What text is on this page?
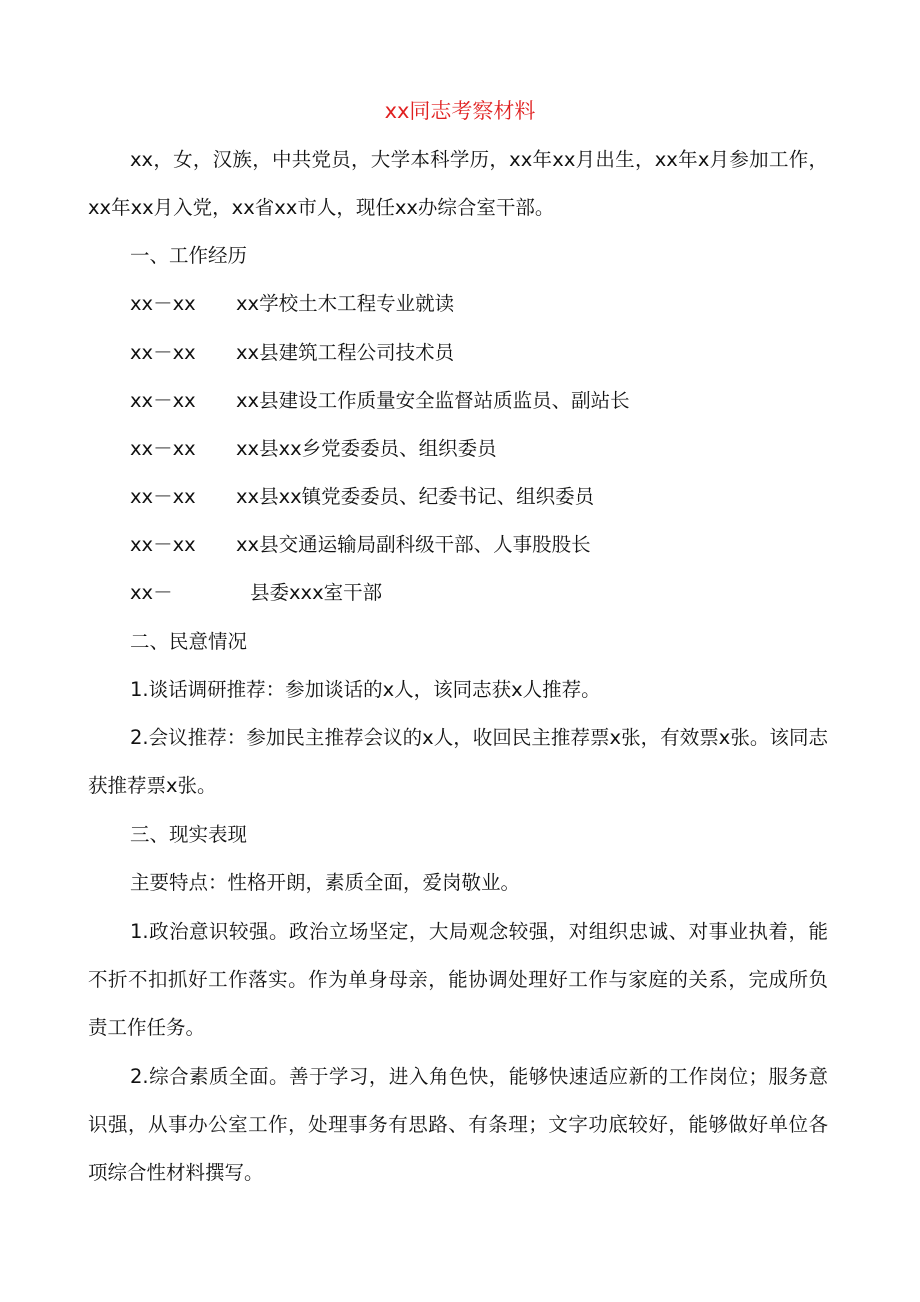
xx同志考察材料

xx，女，汉族，中共党员，大学本科学历，xx年xx月出生，xx年x月参加工作，xx年xx月入党，xx省xx市人，现任xx办综合室干部。

一、工作经历

xx－xx xx学校土木工程专业就读
xx－xx xx县建筑工程公司技术员
xx－xx xx县建设工作质量安全监督站质监员、副站长
xx－xx xx县xx乡党委委员、组织委员
xx－xx xx县xx镇党委委员、纪委书记、组织委员
xx－xx xx县交通运输局副科级干部、人事股股长
xx－	县委xxx室干部

二、民意情况

1.谈话调研推荐：参加谈话的x人，该同志获x人推荐。

2.会议推荐：参加民主推荐会议的x人，收回民主推荐票x张，有效票x张。该同志获推荐票x张。

三、现实表现

主要特点：性格开朗，素质全面，爱岗敬业。

1.政治意识较强。政治立场坚定，大局观念较强，对组织忠诚、对事业执着，能不折不扣抓好工作落实。作为单身母亲，能协调处理好工作与家庭的关系，完成所负责工作任务。

2.综合素质全面。善于学习，进入角色快，能够快速适应新的工作岗位；服务意识强，从事办公室工作，处理事务有思路、有条理；文字功底较好，能够做好单位各项综合性材料撰写。
